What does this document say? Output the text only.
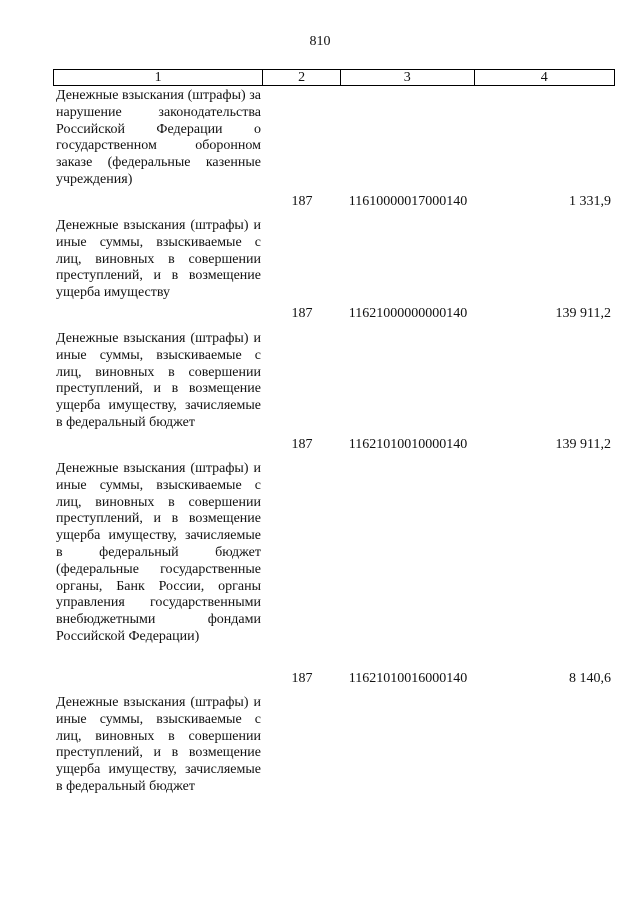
810
1	2	3	4
Денежные взыскания (штрафы) за нарушение законодательства Российской Федерации о государственном оборонном заказе (федеральные казенные учреждения)
187	11610000017000140	1 331,9
Денежные взыскания (штрафы) и иные суммы, взыскиваемые с лиц, виновных в совершении преступлений, и в возмещение ущерба имуществу
187	11621000000000140	139 911,2
Денежные взыскания (штрафы) и иные суммы, взыскиваемые с лиц, виновных в совершении преступлений, и в возмещение ущерба имуществу, зачисляемые в федеральный бюджет
187	11621010010000140	139 911,2
Денежные взыскания (штрафы) и иные суммы, взыскиваемые с лиц, виновных в совершении преступлений, и в возмещение ущерба имуществу, зачисляемые в федеральный бюджет (федеральные государственные органы, Банк России, органы управления государственными внебюджетными фондами Российской Федерации)
187	11621010016000140	8 140,6
Денежные взыскания (штрафы) и иные суммы, взыскиваемые с лиц, виновных в совершении преступлений, и в возмещение ущерба имуществу, зачисляемые в федеральный бюджет
